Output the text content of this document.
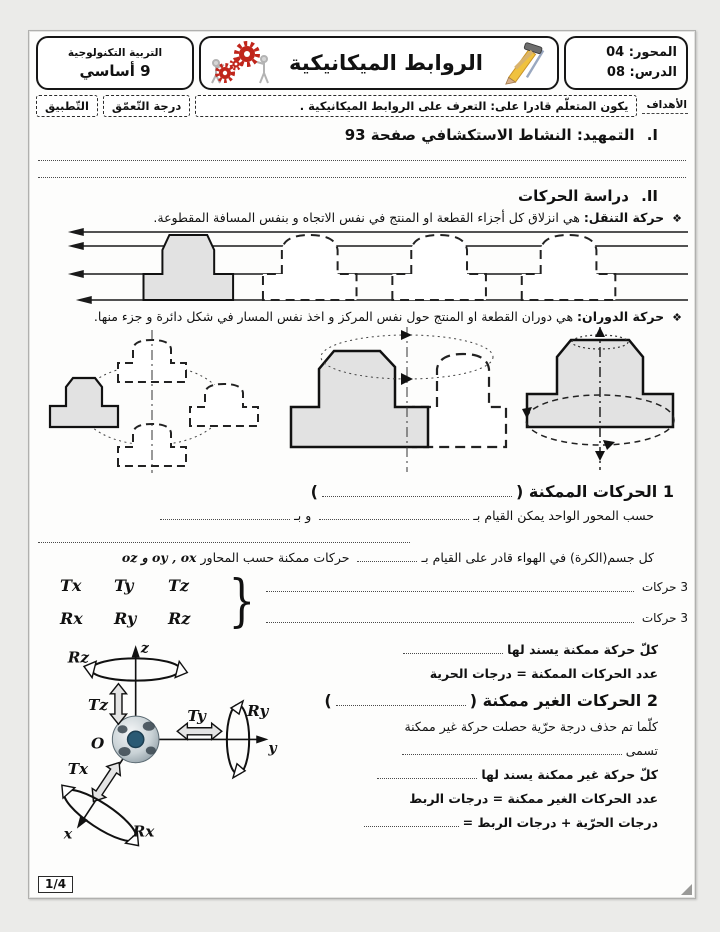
المحور: 04
الدرس: 08
الروابط الميكانيكية
التربية التكنولوجية
9 أساسي
الأهداف
يكون المتعلّم قادرا على: التعرف على الروابط الميكانيكية .
درجة التّعمّق
التّطبيق
I. التمهيد: النشاط الاستكشافي صفحة 93
II. دراسة الحركات
❖ حركة التنقل: هي انزلاق كل أجزاء القطعة او المنتج في نفس الاتجاه و بنفس المسافة المقطوعة.
❖ حركة الدوران: هي دوران القطعة او المنتج حول نفس المركز و اخذ نفس المسار في شكل دائرة و جزء منها.
1 الحركات الممكنة ()
حسب المحور الواحد يمكن القيام بـ و بـ
كل جسم(الكرة) في الهواء قادر على القيام بـ حركات ممكنة حسب المحاور ox ‏, oy و oz
3 حركات
3 حركات
Tx	Ty	Tz
Rx	Ry	Rz }
كلّ حركة ممكنة يسند لها
عدد الحركات الممكنة = درجات الحرية
2 الحركات الغير ممكنة ()
كلّما تم حذف درجة حرّية حصلت حركة غير ممكنة
تسمى
كلّ حركة غير ممكنة يسند لها
عدد الحركات الغير ممكنة = درجات الربط
درجات الحرّية + درجات الربط =
z
y
x
O
Rz
Tz
Ty	Ry
Tx
Rx
1/4
